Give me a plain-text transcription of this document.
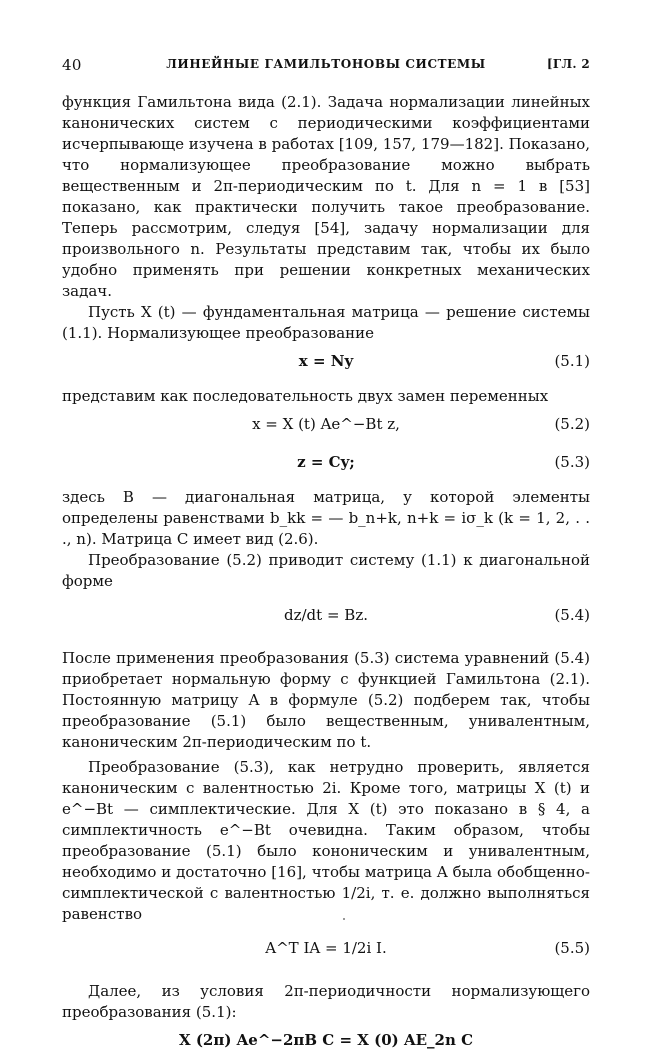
40	ЛИНЕЙНЫЕ ГАМИЛЬТОНОВЫ СИСТЕМЫ	[ГЛ. 2

функция Гамильтона вида (2.1). Задача нормализации линейных канонических систем с периодическими коэффициентами исчерпывающе изучена в работах [109, 157, 179—182]. Показано, что нормализующее преобразование можно выбрать вещественным и 2π-периодическим по t. Для n = 1 в [53] показано, как практически получить такое преобразование. Теперь рассмотрим, следуя [54], задачу нормализации для произвольного n. Результаты представим так, чтобы их было удобно применять при решении конкретных механических задач.

Пусть X (t) — фундаментальная матрица — решение системы (1.1). Нормализующее преобразование

x = Ny	(5.1)

представим как последовательность двух замен переменных

x = X (t) Ae^−Bt z,	(5.2)
z = Cy;	(5.3)

здесь B — диагональная матрица, у которой элементы определены равенствами b_kk = — b_n+k, n+k = iσ_k (k = 1, 2, . . ., n). Матрица C имеет вид (2.6).

Преобразование (5.2) приводит систему (1.1) к диагональной форме

dz/dt = Bz.	(5.4)

После применения преобразования (5.3) система уравнений (5.4) приобретает нормальную форму с функцией Гамильтона (2.1). Постоянную матрицу A в формуле (5.2) подберем так, чтобы преобразование (5.1) было вещественным, унивалентным, каноническим 2π-периодическим по t.

Преобразование (5.3), как нетрудно проверить, является каноническим с валентностью 2i. Кроме того, матрицы X (t) и e^−Bt — симплектические. Для X (t) это показано в § 4, а симплектичность e^−Bt очевидна. Таким образом, чтобы преобразование (5.1) было кононическим и унивалентным, необходимо и достаточно [16], чтобы матрица A была обобщенно-симплектической с валентностью 1/2i, т. е. должно выполняться равенство

A^T IA = 1/2i I.	(5.5)

Далее, из условия 2π-периодичности нормализующего преобразования (5.1):

X (2π) Ae^−2πB C = X (0) AE_2n C
